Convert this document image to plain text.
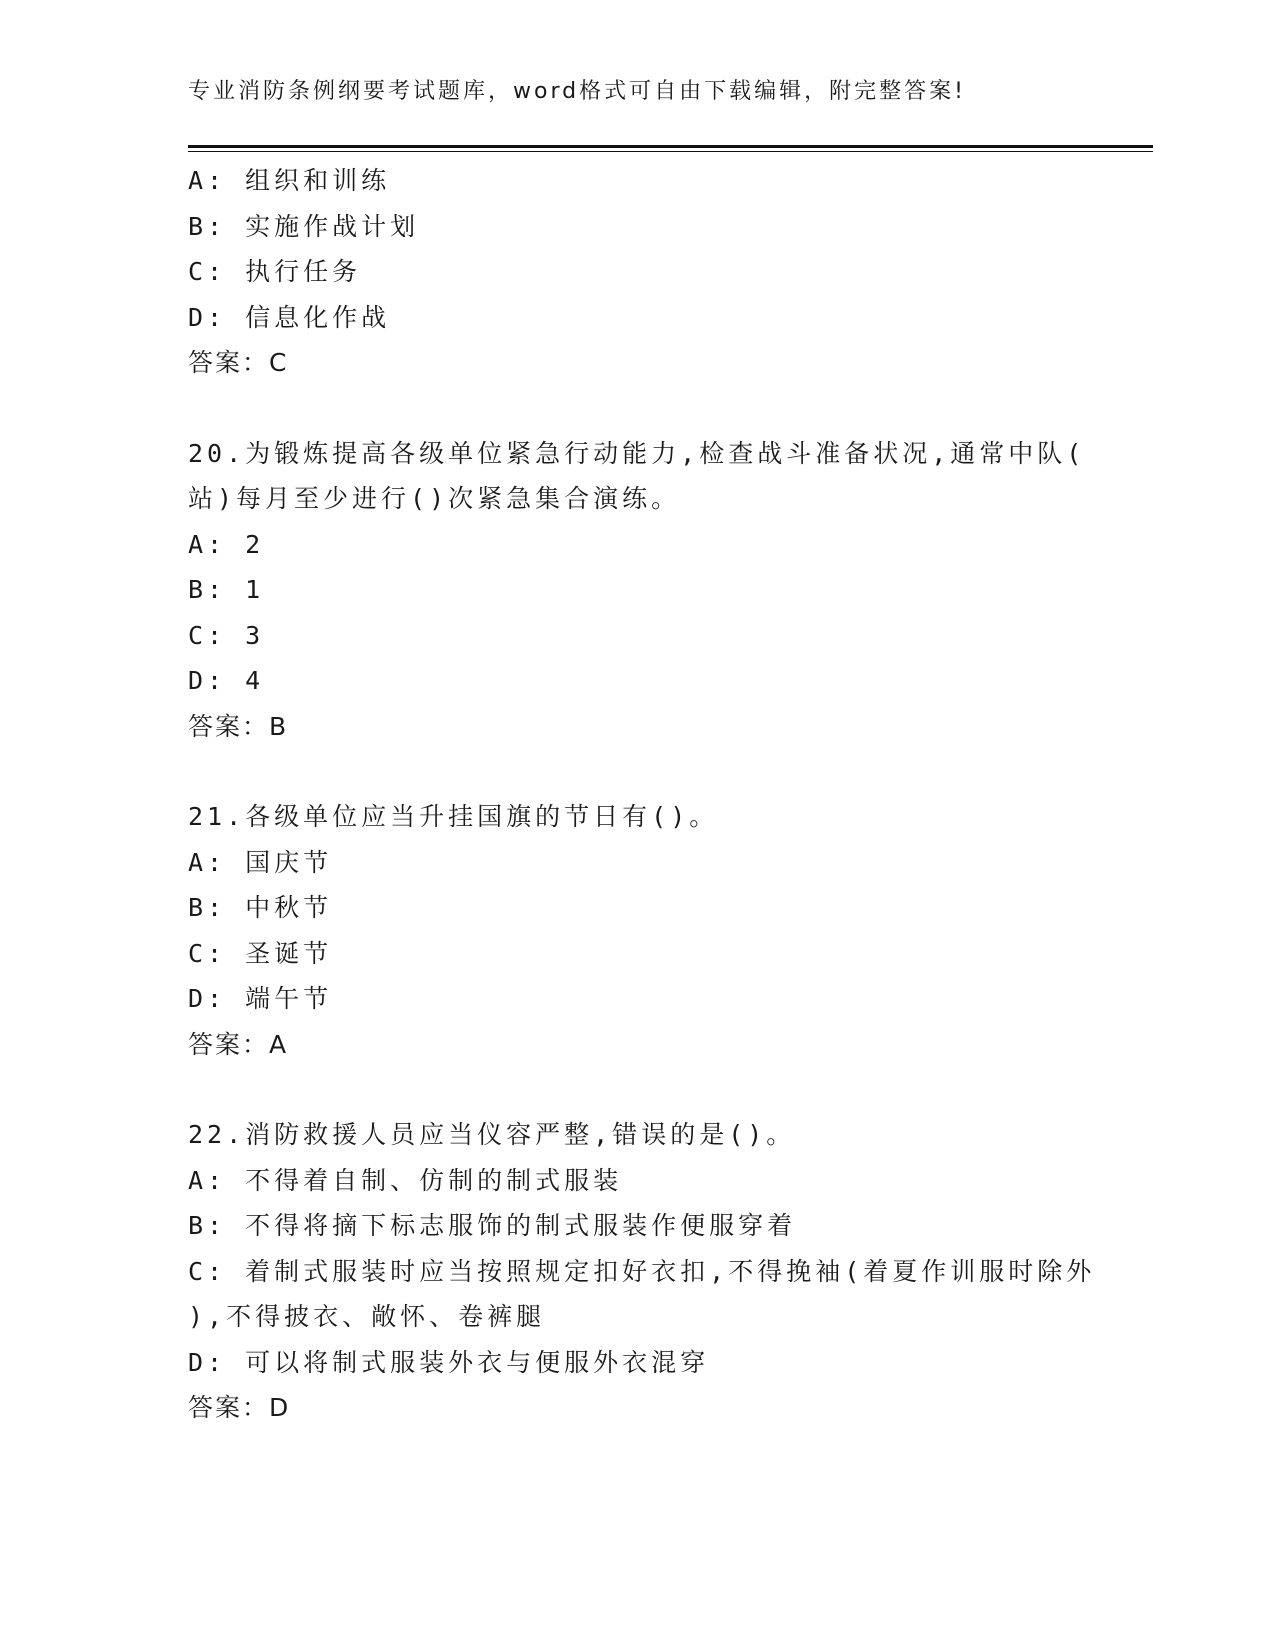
专业消防条例纲要考试题库，word格式可自由下载编辑，附完整答案!
A: 组织和训练
B: 实施作战计划
C: 执行任务
D: 信息化作战
答案：C
20.为锻炼提高各级单位紧急行动能力,检查战斗准备状况,通常中队(
站)每月至少进行()次紧急集合演练。
A: 2
B: 1
C: 3
D: 4
答案：B
21.各级单位应当升挂国旗的节日有()。
A: 国庆节
B: 中秋节
C: 圣诞节
D: 端午节
答案：A
22.消防救援人员应当仪容严整,错误的是()。
A: 不得着自制、仿制的制式服装
B: 不得将摘下标志服饰的制式服装作便服穿着
C: 着制式服装时应当按照规定扣好衣扣,不得挽袖(着夏作训服时除外
),不得披衣、敞怀、卷裤腿
D: 可以将制式服装外衣与便服外衣混穿
答案：D
